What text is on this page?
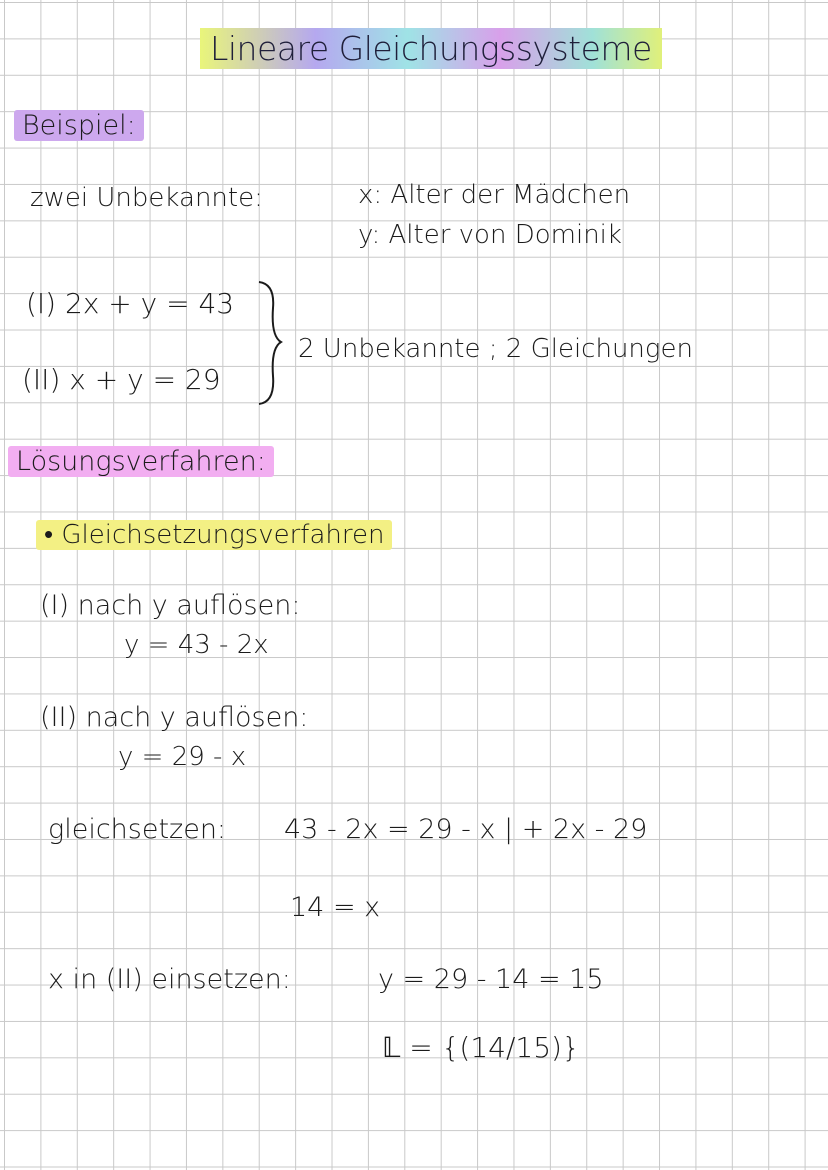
Lineare Gleichungssysteme
Beispiel:
zwei Unbekannte:	x: Alter der Mädchen
y: Alter von Dominik
(I) 2x + y = 43
(II) x + y = 29
2 Unbekannte ; 2 Gleichungen
Lösungsverfahren:
• Gleichsetzungsverfahren
(I) nach y auflösen:
y = 43 - 2x
(II) nach y auflösen:
y = 29 - x
gleichsetzen: 43 - 2x = 29 - x | + 2x - 29
14 = x
x in (II) einsetzen:	y = 29 - 14 = 15
𝕃 = {(14/15)}
